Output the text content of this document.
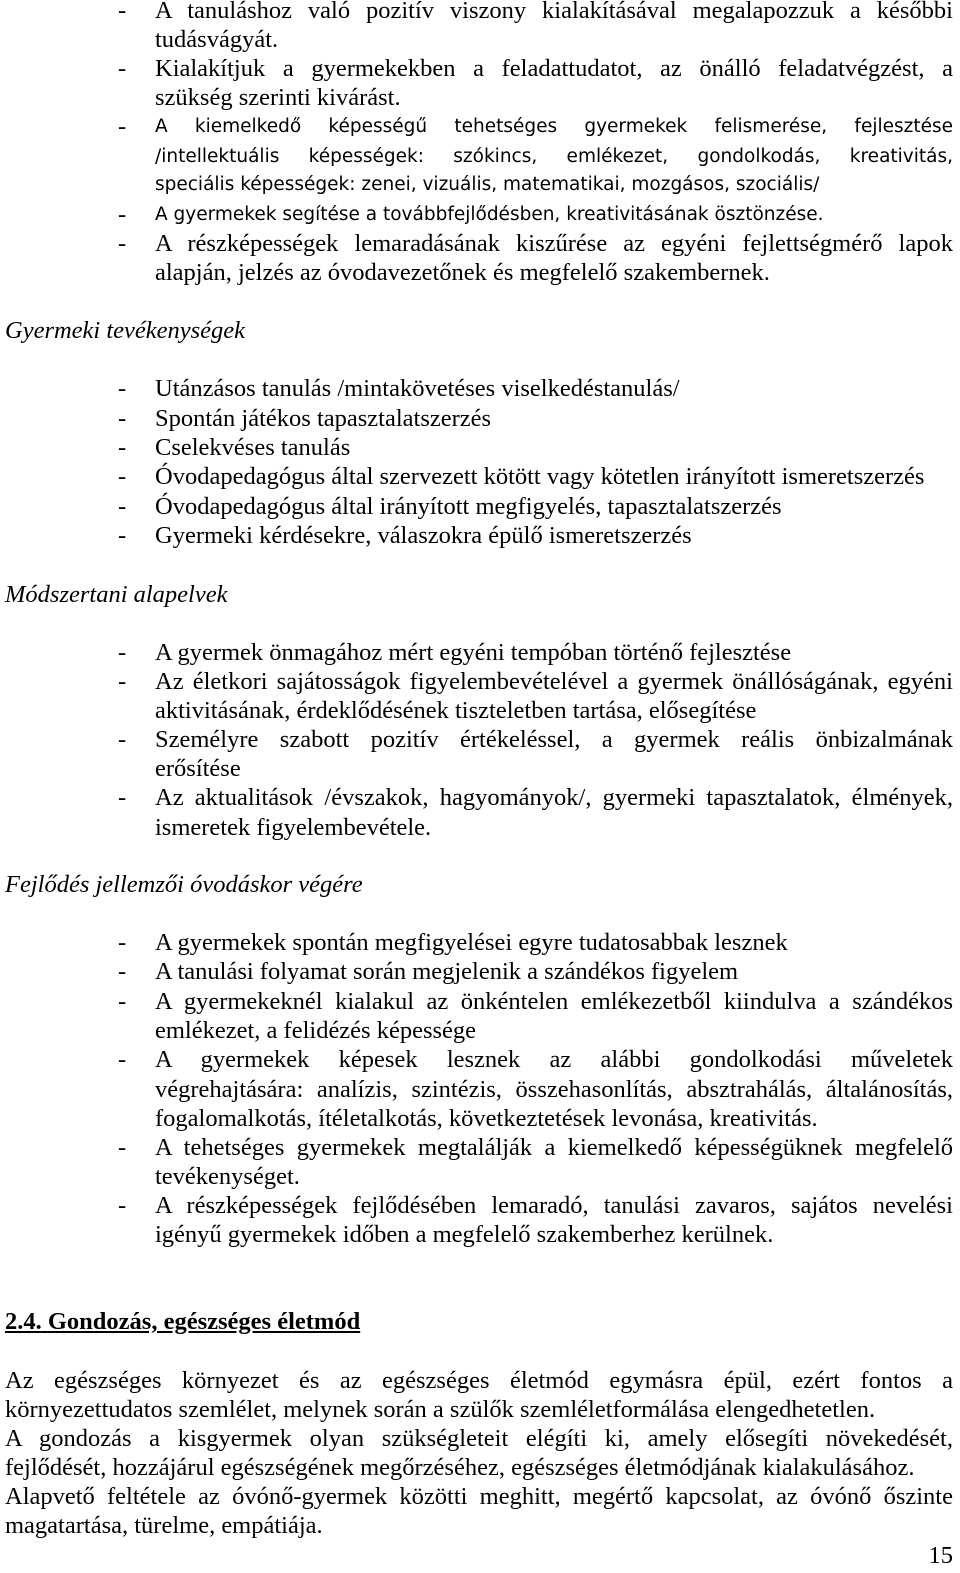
-	A tanuláshoz való pozitív viszony kialakításával megalapozzuk a későbbi
tudásvágyát.
-	Kialakítjuk a gyermekekben a feladattudatot, az önálló feladatvégzést, a
szükség szerinti kivárást.
-	A kiemelkedő képességű tehetséges gyermekek felismerése, fejlesztése
/intellektuális képességek: szókincs, emlékezet, gondolkodás, kreativitás,
speciális képességek: zenei, vizuális, matematikai, mozgásos, szociális/
-	A gyermekek segítése a továbbfejlődésben, kreativitásának ösztönzése.
-	A részképességek lemaradásának kiszűrése az egyéni fejlettségmérő lapok
alapján, jelzés az óvodavezetőnek és megfelelő szakembernek.
Gyermeki tevékenységek
-	Utánzásos tanulás /mintakövetéses viselkedéstanulás/
-	Spontán játékos tapasztalatszerzés
-	Cselekvéses tanulás
-	Óvodapedagógus által szervezett kötött vagy kötetlen irányított ismeretszerzés
-	Óvodapedagógus által irányított megfigyelés, tapasztalatszerzés
-	Gyermeki kérdésekre, válaszokra épülő ismeretszerzés
Módszertani alapelvek
-	A gyermek önmagához mért egyéni tempóban történő fejlesztése
-	Az életkori sajátosságok figyelembevételével a gyermek önállóságának, egyéni
aktivitásának, érdeklődésének tiszteletben tartása, elősegítése
-	Személyre szabott pozitív értékeléssel, a gyermek reális önbizalmának
erősítése
-	Az aktualitások /évszakok, hagyományok/, gyermeki tapasztalatok, élmények,
ismeretek figyelembevétele.
Fejlődés jellemzői óvodáskor végére
-	A gyermekek spontán megfigyelései egyre tudatosabbak lesznek
-	A tanulási folyamat során megjelenik a szándékos figyelem
-	A gyermekeknél kialakul az önkéntelen emlékezetből kiindulva a szándékos
emlékezet, a felidézés képessége
-	A gyermekek képesek lesznek az alábbi gondolkodási műveletek
végrehajtására: analízis, szintézis, összehasonlítás, absztrahálás, általánosítás,
fogalomalkotás, ítéletalkotás, következtetések levonása, kreativitás.
-	A tehetséges gyermekek megtalálják a kiemelkedő képességüknek megfelelő
tevékenységet.
-	A részképességek fejlődésében lemaradó, tanulási zavaros, sajátos nevelési
igényű gyermekek időben a megfelelő szakemberhez kerülnek.
2.4. Gondozás, egészséges életmód
Az egészséges környezet és az egészséges életmód egymásra épül, ezért fontos a
környezettudatos szemlélet, melynek során a szülők szemléletformálása elengedhetetlen.
A gondozás a kisgyermek olyan szükségleteit elégíti ki, amely elősegíti növekedését,
fejlődését, hozzájárul egészségének megőrzéséhez, egészséges életmódjának kialakulásához.
Alapvető feltétele az óvónő-gyermek közötti meghitt, megértő kapcsolat, az óvónő őszinte
magatartása, türelme, empátiája.
15
